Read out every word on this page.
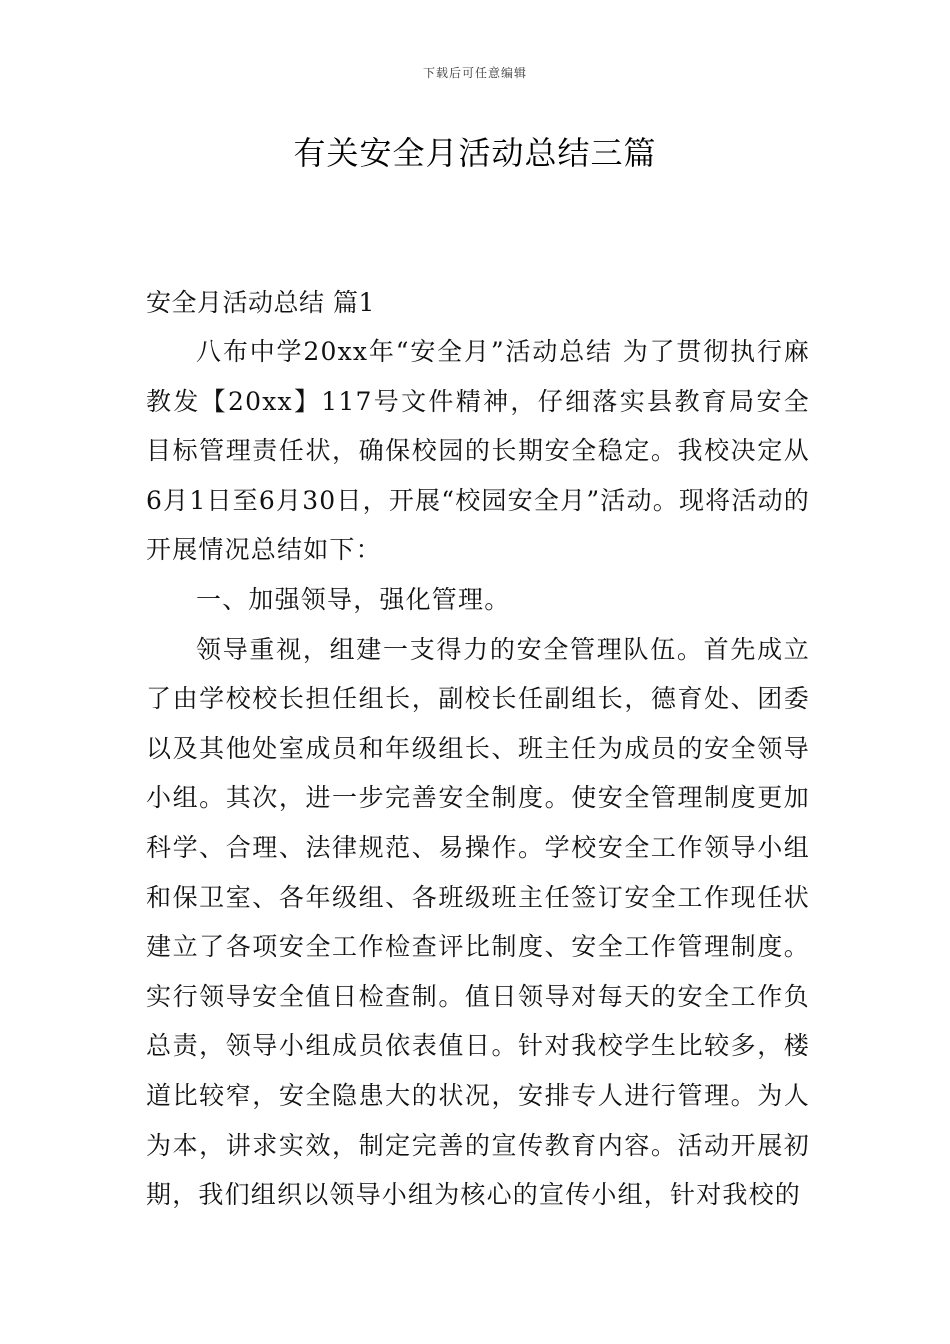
下载后可任意编辑
有关安全月活动总结三篇

安全月活动总结 篇1

八布中学20xx年“安全月”活动总结 为了贯彻执行麻教发【20xx】117号文件精神，仔细落实县教育局安全目标管理责任状，确保校园的长期安全稳定。我校决定从6月1日至6月30日，开展“校园安全月”活动。现将活动的开展情况总结如下：

一、加强领导，强化管理。

领导重视，组建一支得力的安全管理队伍。首先成立了由学校校长担任组长，副校长任副组长，德育处、团委以及其他处室成员和年级组长、班主任为成员的安全领导小组。其次，进一步完善安全制度。使安全管理制度更加科学、合理、法律规范、易操作。学校安全工作领导小组和保卫室、各年级组、各班级班主任签订安全工作现任状建立了各项安全工作检查评比制度、安全工作管理制度。实行领导安全值日检查制。值日领导对每天的安全工作负总责，领导小组成员依表值日。针对我校学生比较多，楼道比较窄，安全隐患大的状况，安排专人进行管理。为人为本，讲求实效，制定完善的宣传教育内容。活动开展初期，我们组织以领导小组为核心的宣传小组，针对我校的
